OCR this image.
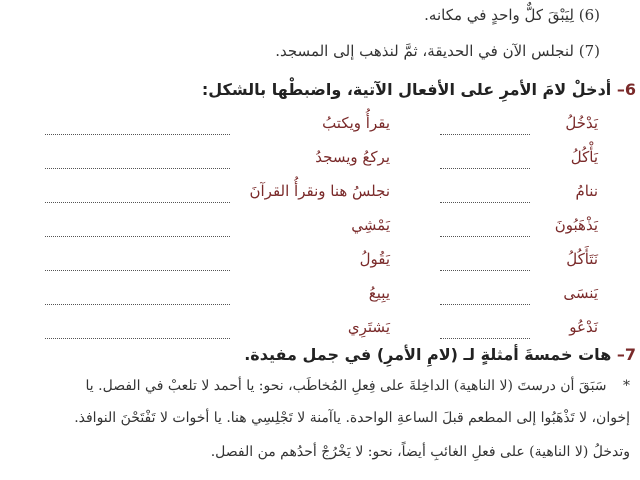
(6) لِيَبْقَ كلٌّ واحدٍ في مكانه.
(7) لنجلس الآن في الحديقة، ثمَّ لنذهب إلى المسجد.
6– أدخلْ لامَ الأمرِ على الأفعال الآتية، واضبطْها بالشكل:
يَدْخُلُ
يقرأُ ويكتبُ
يَأْكُلُ
يركعُ ويسجدُ
ننامُ
نجلسُ هنا ونقرأُ القرآنَ
يَذْهَبُونَ
يَمْشِي
نَتَأَكُلُ
يَقُولُ
يَنسَى
يبِيعُ
نَدْعُو
يَشتَرِي
7– هات خمسةَ أمثلةٍ لـ (لامِ الأمرِ) في جمل مفيدة.
* سَبَقَ أن درستَ (لا الناهية) الداخِلةَ على فِعلِ المُخاطَب، نحو: يا أحمد لا تلعبْ في الفصل. يا
إخوان، لا تَذْهَبُوا إلى المطعم قبلَ الساعةِ الواحدة. ياآمنة لا تَجْلِسِي هنا. يا أخوات لا تَفْتَحْنَ النوافذ.
وتدخلُ (لا الناهية) على فعلِ الغائبِ أيضاً، نحو: لا يَخْرُجْ أحدُهم من الفصل.
